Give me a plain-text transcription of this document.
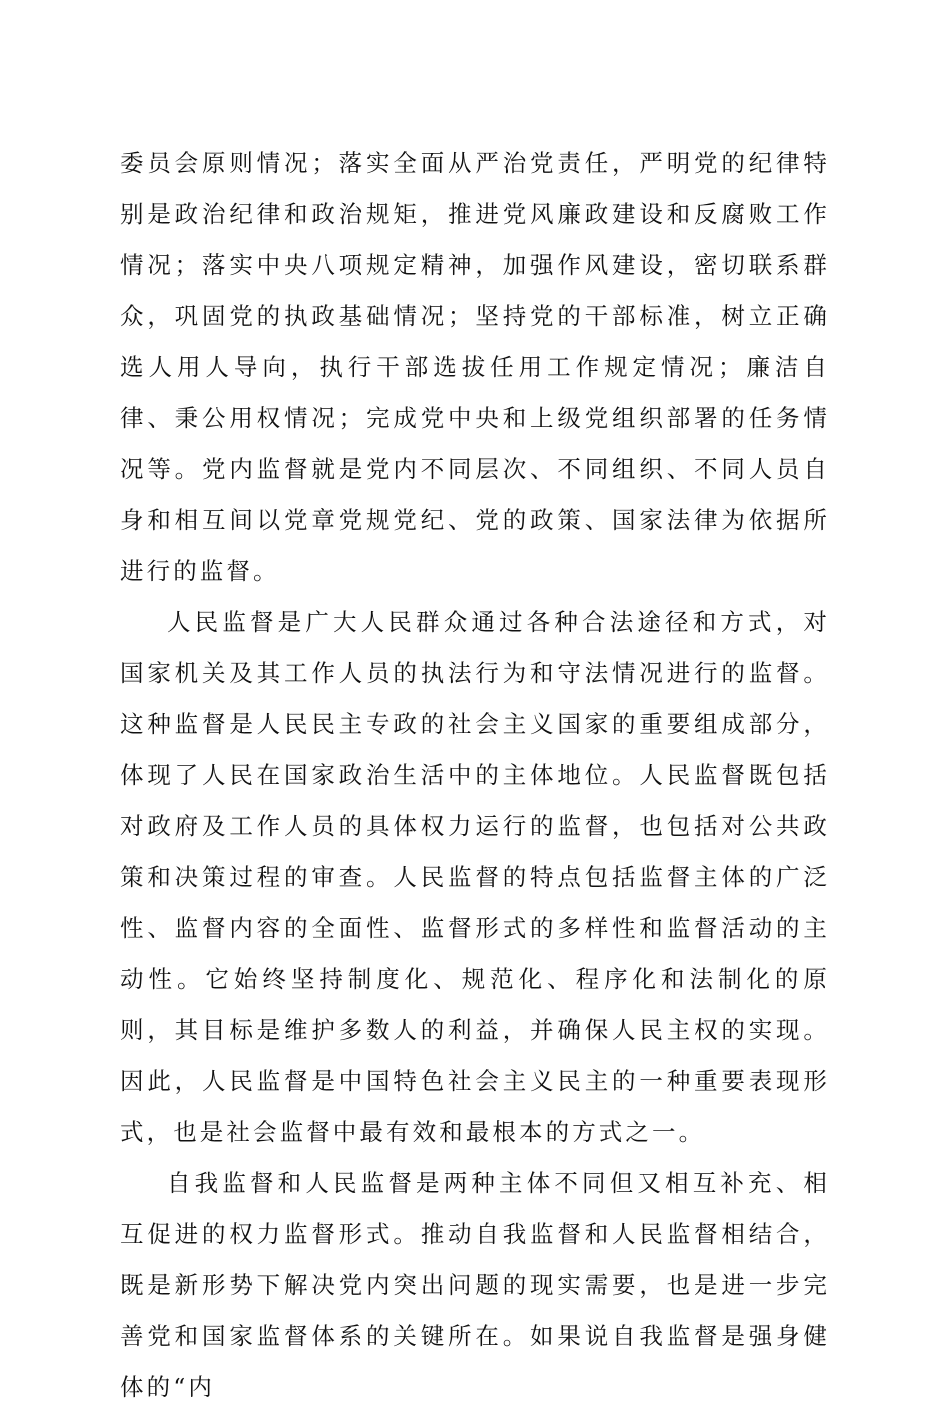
委员会原则情况；落实全面从严治党责任，严明党的纪律特别是政治纪律和政治规矩，推进党风廉政建设和反腐败工作情况；落实中央八项规定精神，加强作风建设，密切联系群众，巩固党的执政基础情况；坚持党的干部标准，树立正确选人用人导向，执行干部选拔任用工作规定情况；廉洁自律、秉公用权情况；完成党中央和上级党组织部署的任务情况等。党内监督就是党内不同层次、不同组织、不同人员自身和相互间以党章党规党纪、党的政策、国家法律为依据所进行的监督。

人民监督是广大人民群众通过各种合法途径和方式，对国家机关及其工作人员的执法行为和守法情况进行的监督。这种监督是人民民主专政的社会主义国家的重要组成部分，体现了人民在国家政治生活中的主体地位。人民监督既包括对政府及工作人员的具体权力运行的监督，也包括对公共政策和决策过程的审查。人民监督的特点包括监督主体的广泛性、监督内容的全面性、监督形式的多样性和监督活动的主动性。它始终坚持制度化、规范化、程序化和法制化的原则，其目标是维护多数人的利益，并确保人民主权的实现。因此，人民监督是中国特色社会主义民主的一种重要表现形式，也是社会监督中最有效和最根本的方式之一。

自我监督和人民监督是两种主体不同但又相互补充、相互促进的权力监督形式。推动自我监督和人民监督相结合，既是新形势下解决党内突出问题的现实需要，也是进一步完善党和国家监督体系的关键所在。如果说自我监督是强身健体的“内
